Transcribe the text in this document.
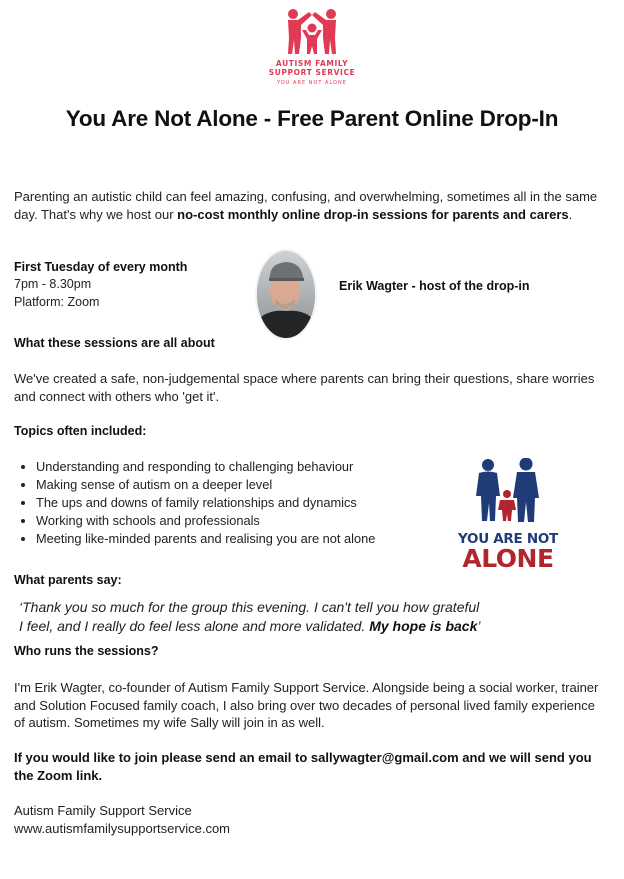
AUTISM FAMILY
SUPPORT SERVICE
YOU ARE NOT ALONE
You Are Not Alone - Free Parent Online Drop-In
Parenting an autistic child can feel amazing, confusing, and overwhelming, sometimes all in the same day. That's why we host our no-cost monthly online drop-in sessions for parents and carers.
First Tuesday of every month
7pm - 8.30pm
Platform: Zoom
Erik Wagter - host of the drop-in
What these sessions are all about
We've created a safe, non-judgemental space where parents can bring their questions, share worries and connect with others who 'get it'.
Topics often included:
• Understanding and responding to challenging behaviour
• Making sense of autism on a deeper level
• The ups and downs of family relationships and dynamics
• Working with schools and professionals
• Meeting like-minded parents and realising you are not alone	YOU ARE NOT
ALONE
What parents say:
‘Thank you so much for the group this evening. I can't tell you how grateful
I feel, and I really do feel less alone and more validated. My hope is back’
Who runs the sessions?
I'm Erik Wagter, co-founder of Autism Family Support Service. Alongside being a social worker, trainer and Solution Focused family coach, I also bring over two decades of personal lived family experience of autism. Sometimes my wife Sally will join in as well.
If you would like to join please send an email to sallywagter@gmail.com and we will send you the Zoom link.
Autism Family Support Service
www.autismfamilysupportservice.com
